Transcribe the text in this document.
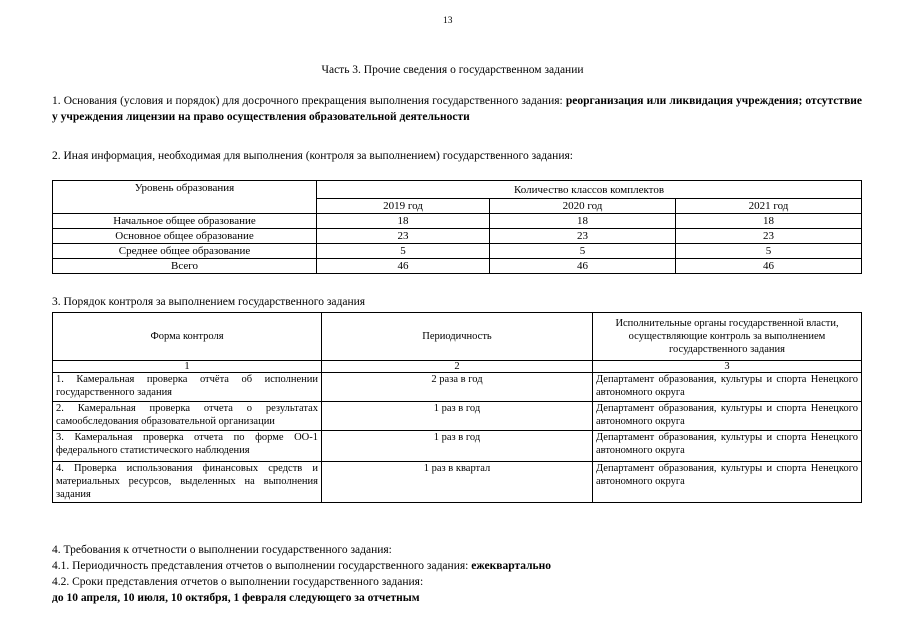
13
Часть 3. Прочие сведения о государственном задании
1. Основания (условия и порядок) для досрочного прекращения выполнения государственного задания: реорганизация или ликвидация учреждения; отсутствие у учреждения лицензии на право осуществления образовательной деятельности
2. Иная информация, необходимая для выполнения (контроля за выполнением) государственного задания:
Уровень образования	Количество классов комплектов		
	2019 год	2020 год	2021 год
Начальное общее образование	18	18	18
Основное общее образование	23	23	23
Среднее общее образование	5	5	5
Всего	46	46	46
3. Порядок контроля за выполнением государственного задания
Форма контроля	Периодичность	Исполнительные органы государственной власти, осуществляющие контроль за выполнением государственного задания
1	2	3
1. Камеральная проверка отчёта об исполнении государственного задания	2 раза в год	Департамент образования, культуры и спорта Ненецкого автономного округа
2. Камеральная проверка отчета о результатах самообследования образовательной организации	1 раз в год	Департамент образования, культуры и спорта Ненецкого автономного округа
3. Камеральная проверка отчета по форме ОО-1 федерального статистического наблюдения	1 раз в год	Департамент образования, культуры и спорта Ненецкого автономного округа
4. Проверка использования финансовых средств и материальных ресурсов, выделенных на выполнения задания	1 раз в квартал	Департамент образования, культуры и спорта Ненецкого автономного округа
4. Требования к отчетности о выполнении государственного задания:
4.1. Периодичность представления отчетов о выполнении государственного задания: ежеквартально
4.2. Сроки представления отчетов о выполнении государственного задания:
до 10 апреля, 10 июля, 10 октября, 1 февраля следующего за отчетным
